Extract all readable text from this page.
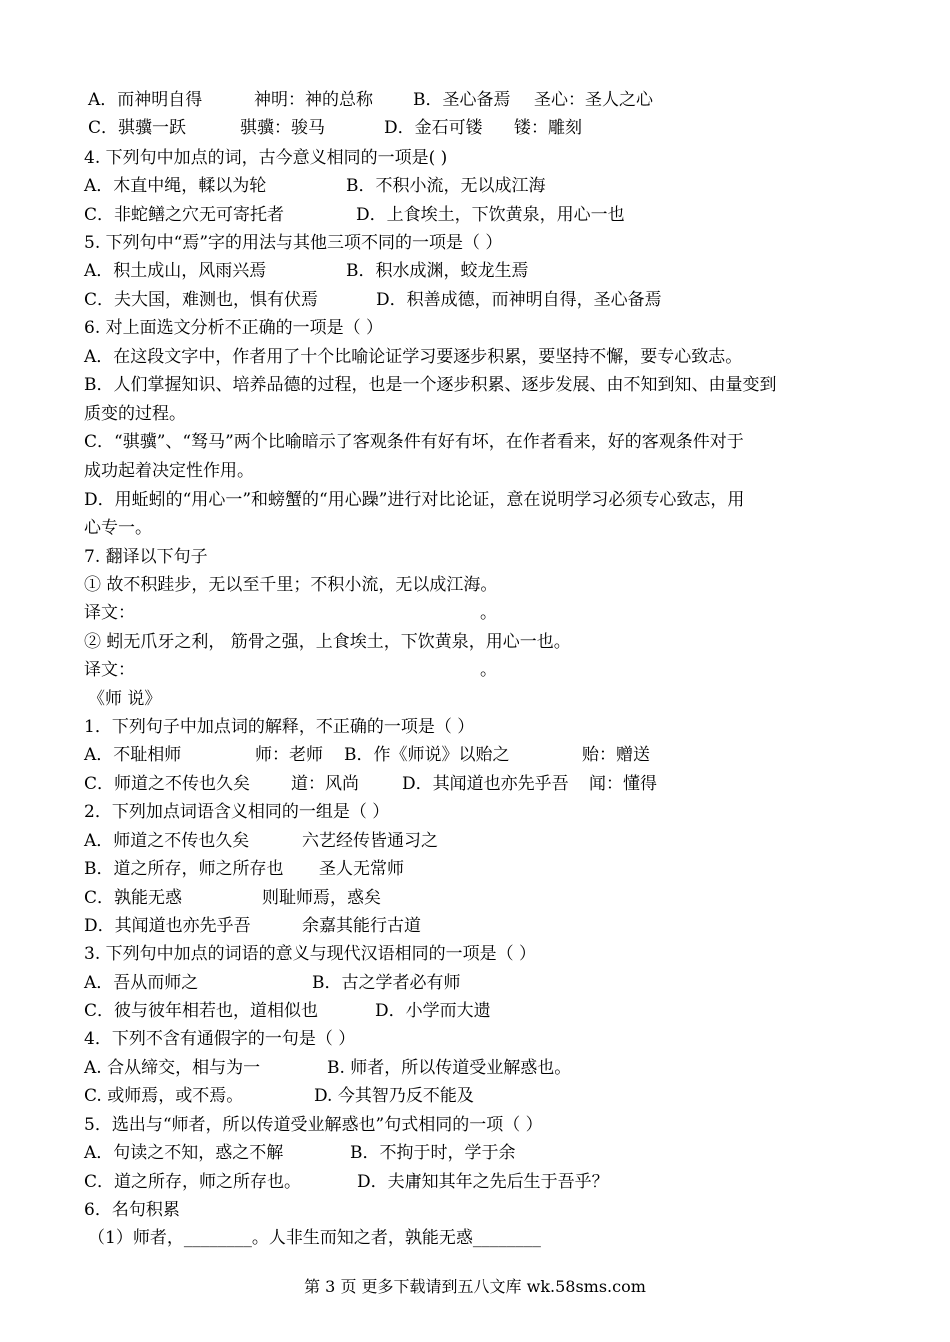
A．而神明自得	神明：神的总称 B．圣心备焉 圣心：圣人之心
C．骐骥一跃	骐骥：骏马	D．金石可镂 镂：雕刻
4. 下列句中加点的词，古今意义相同的一项是( )
A．木直中绳，輮以为轮	B．不积小流，无以成江海
C．非蛇鳝之穴无可寄托者	D．上食埃土，下饮黄泉，用心一也
5. 下列句中“焉”字的用法与其他三项不同的一项是（ ）
A．积土成山，风雨兴焉	B．积水成渊，蛟龙生焉
C．夫大国，难测也，惧有伏焉	D．积善成德，而神明自得，圣心备焉
6. 对上面选文分析不正确的一项是（ ）
A．在这段文字中，作者用了十个比喻论证学习要逐步积累，要坚持不懈，要专心致志。
B．人们掌握知识、培养品德的过程，也是一个逐步积累、逐步发展、由不知到知、由量变到
质变的过程。
C．“骐骥”、“驽马”两个比喻暗示了客观条件有好有坏，在作者看来，好的客观条件对于
成功起着决定性作用。
D．用蚯蚓的“用心一”和螃蟹的“用心躁”进行对比论证，意在说明学习必须专心致志，用
心专一。
7. 翻译以下句子
① 故不积跬步，无以至千里；不积小流，无以成江海。
译文：	。
② 蚓无爪牙之利， 筋骨之强，上食埃土，下饮黄泉，用心一也。
译文：	。
《师 说》
1．下列句子中加点词的解释，不正确的一项是（ ）
A．不耻相师	师：老师 B．作《师说》以贻之	贻：赠送
C．师道之不传也久矣 道：风尚	D．其闻道也亦先乎吾 闻：懂得
2．下列加点词语含义相同的一组是（ ）
A．师道之不传也久矣	六艺经传皆通习之
B．道之所存，师之所存也 圣人无常师
C．孰能无惑	则耻师焉，惑矣
D．其闻道也亦先乎吾	余嘉其能行古道
3. 下列句中加点的词语的意义与现代汉语相同的一项是（ ）
A．吾从而师之	B．古之学者必有师
C．彼与彼年相若也，道相似也	D．小学而大遗
4．下列不含有通假字的一句是（ ）
A. 合从缔交，相与为一	B. 师者，所以传道受业解惑也。
C. 或师焉，或不焉。	D. 今其智乃反不能及
5．选出与“师者，所以传道受业解惑也”句式相同的一项（ ）
A．句读之不知，惑之不解	B．不拘于时，学于余
C．道之所存，师之所存也。	D．夫庸知其年之先后生于吾乎？
6．名句积累
（1）师者，________。人非生而知之者，孰能无惑________
第 3 页 更多下载请到五八文库 wk.58sms.com
